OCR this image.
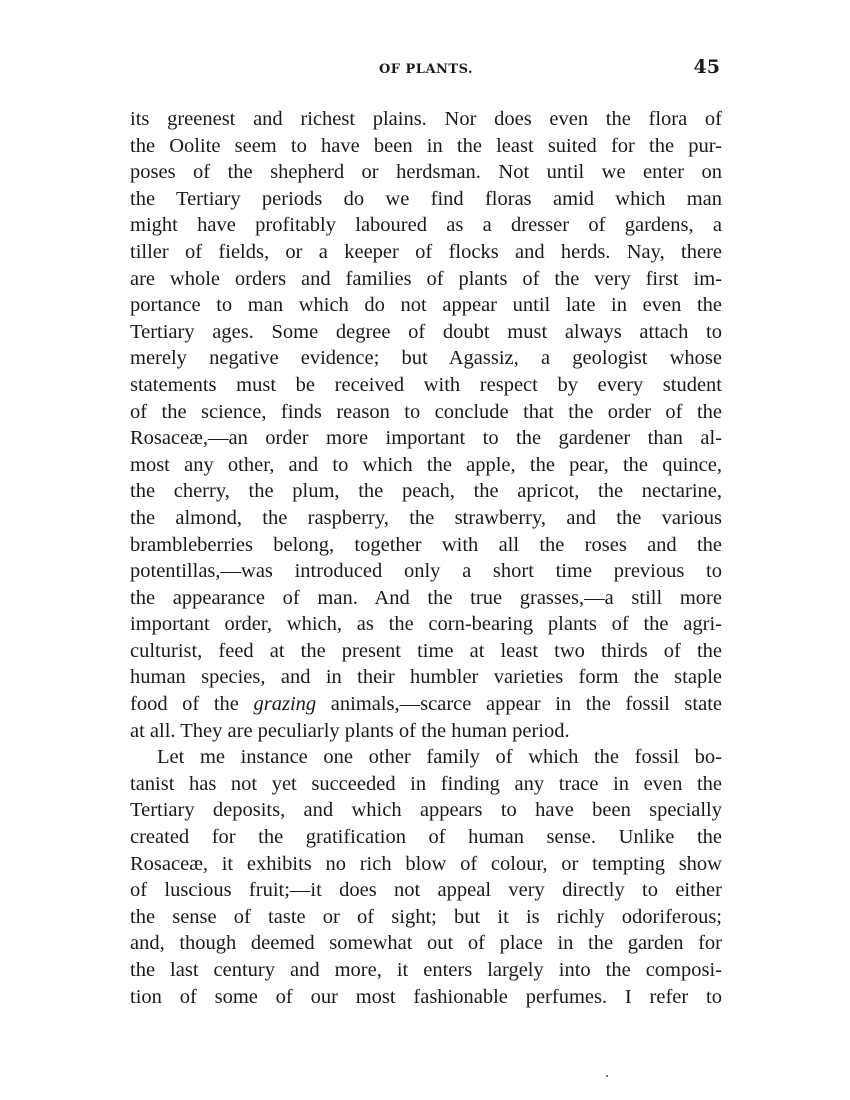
OF PLANTS.	45
its greenest and richest plains. Nor does even the flora of
the Oolite seem to have been in the least suited for the pur-
poses of the shepherd or herdsman. Not until we enter on
the Tertiary periods do we find floras amid which man
might have profitably laboured as a dresser of gardens, a
tiller of fields, or a keeper of flocks and herds. Nay, there
are whole orders and families of plants of the very first im-
portance to man which do not appear until late in even the
Tertiary ages. Some degree of doubt must always attach to
merely negative evidence; but Agassiz, a geologist whose
statements must be received with respect by every student
of the science, finds reason to conclude that the order of the
Rosaceæ,—an order more important to the gardener than al-
most any other, and to which the apple, the pear, the quince,
the cherry, the plum, the peach, the apricot, the nectarine,
the almond, the raspberry, the strawberry, and the various
brambleberries belong, together with all the roses and the
potentillas,—was introduced only a short time previous to
the appearance of man. And the true grasses,—a still more
important order, which, as the corn-bearing plants of the agri-
culturist, feed at the present time at least two thirds of the
human species, and in their humbler varieties form the staple
food of the grazing animals,—scarce appear in the fossil state
at all. They are peculiarly plants of the human period.
Let me instance one other family of which the fossil bo-
tanist has not yet succeeded in finding any trace in even the
Tertiary deposits, and which appears to have been specially
created for the gratification of human sense. Unlike the
Rosaceæ, it exhibits no rich blow of colour, or tempting show
of luscious fruit;—it does not appeal very directly to either
the sense of taste or of sight; but it is richly odoriferous;
and, though deemed somewhat out of place in the garden for
the last century and more, it enters largely into the composi-
tion of some of our most fashionable perfumes. I refer to
